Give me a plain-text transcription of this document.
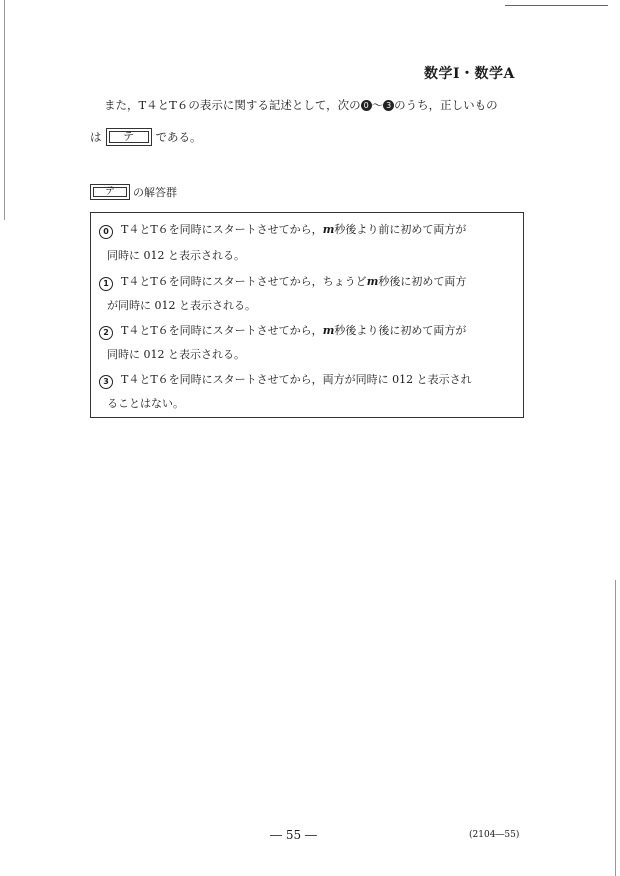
数学Ⅰ・数学A
また，T４とT６の表示に関する記述として，次の 0 ～ 3 のうち，正しいもの
は	テ	である。
テ	の解答群
0 T４とT６を同時にスタートさせてから，m秒後より前に初めて両方が
同時に 012 と表示される。
1 T４とT６を同時にスタートさせてから，ちょうどm秒後に初めて両方
が同時に 012 と表示される。
2 T４とT６を同時にスタートさせてから，m秒後より後に初めて両方が
同時に 012 と表示される。
3 T４とT６を同時にスタートさせてから，両方が同時に 012 と表示され
ることはない。
― 55 ―	(2104―55)
